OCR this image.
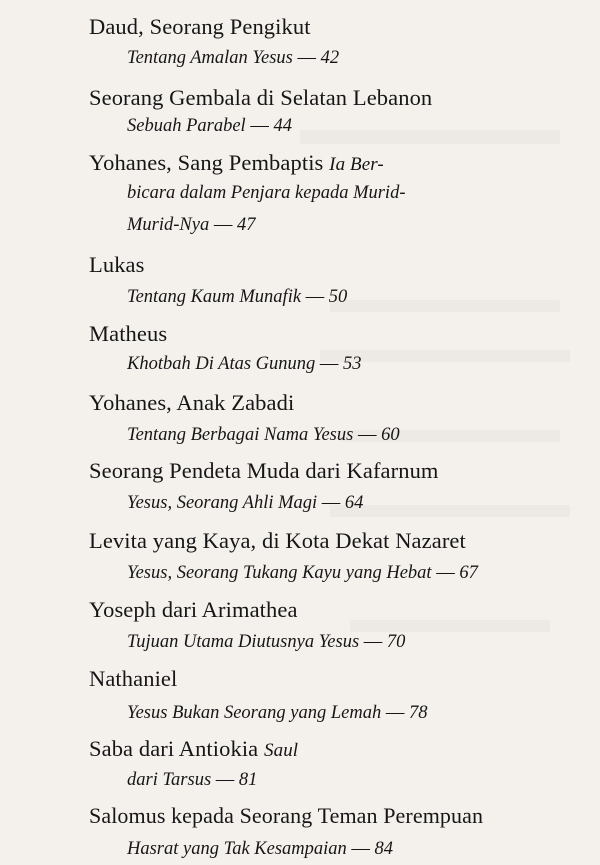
Daud, Seorang Pengikut
Tentang Amalan Yesus — 42
Seorang Gembala di Selatan Lebanon
Sebuah Parabel — 44
Yohanes, Sang Pembaptis Ia Ber-
bicara dalam Penjara kepada Murid-
Murid-Nya — 47
Lukas
Tentang Kaum Munafik — 50
Matheus
Khotbah Di Atas Gunung — 53
Yohanes, Anak Zabadi
Tentang Berbagai Nama Yesus — 60
Seorang Pendeta Muda dari Kafarnum
Yesus, Seorang Ahli Magi — 64
Levita yang Kaya, di Kota Dekat Nazaret
Yesus, Seorang Tukang Kayu yang Hebat — 67
Yoseph dari Arimathea
Tujuan Utama Diutusnya Yesus — 70
Nathaniel
Yesus Bukan Seorang yang Lemah — 78
Saba dari Antiokia Saul
dari Tarsus — 81
Salomus kepada Seorang Teman Perempuan
Hasrat yang Tak Kesampaian — 84
